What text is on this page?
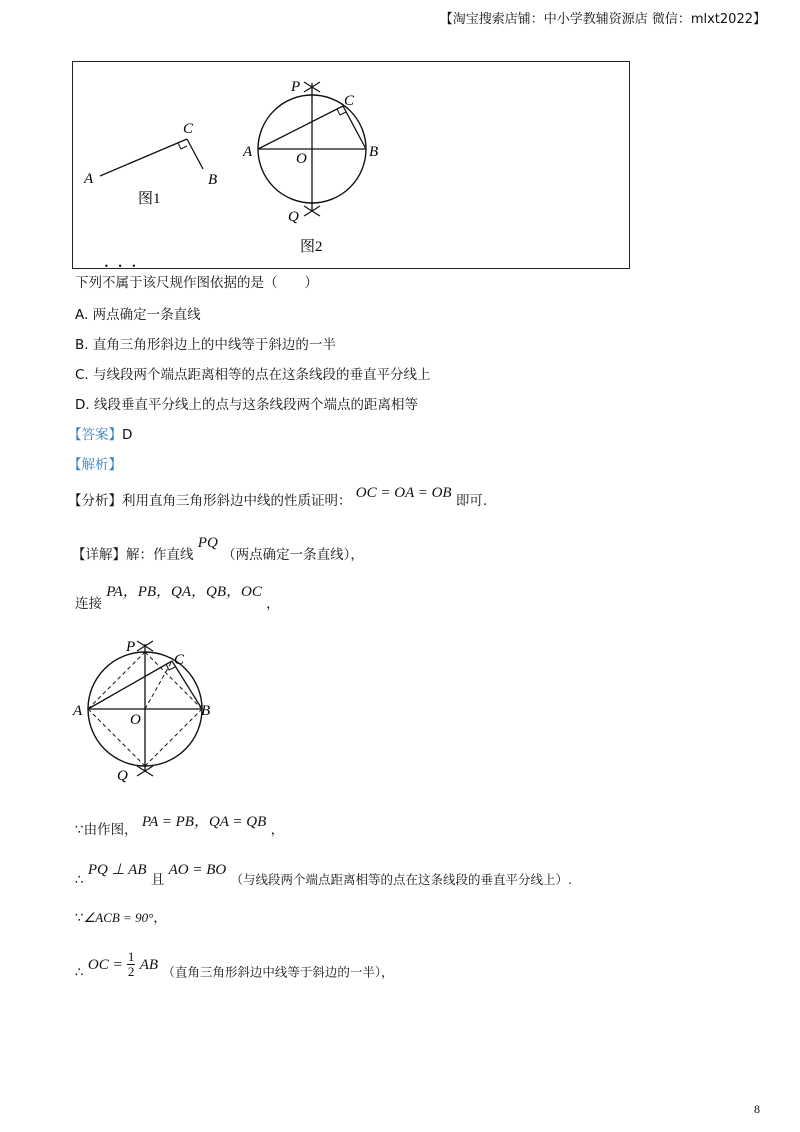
【淘宝搜索店铺：中小学教辅资源店 微信：mlxt2022】
A
C
B
图1
P
C
A	O	B
Q
图2
•••
下列不属于该尺规作图依据的是（　　）
A. 两点确定一条直线
B. 直角三角形斜边上的中线等于斜边的一半
C. 与线段两个端点距离相等的点在这条线段的垂直平分线上
D. 线段垂直平分线上的点与这条线段两个端点的距离相等
【答案】D
【解析】
【分析】利用直角三角形斜边中线的性质证明： OC = OA = OB 即可.
【详解】解：作直线 PQ （两点确定一条直线），
连接 PA，PB，QA，QB，OC ，
P
C
A
O
B
Q
∵由作图， PA = PB，QA = QB ，
∴ PQ ⊥ AB 且 AO = BO （与线段两个端点距离相等的点在这条线段的垂直平分线上）.
∵∠ACB = 90°，
∴ OC = $\frac{1}{2}$ AB （直角三角形斜边中线等于斜边的一半），
8
